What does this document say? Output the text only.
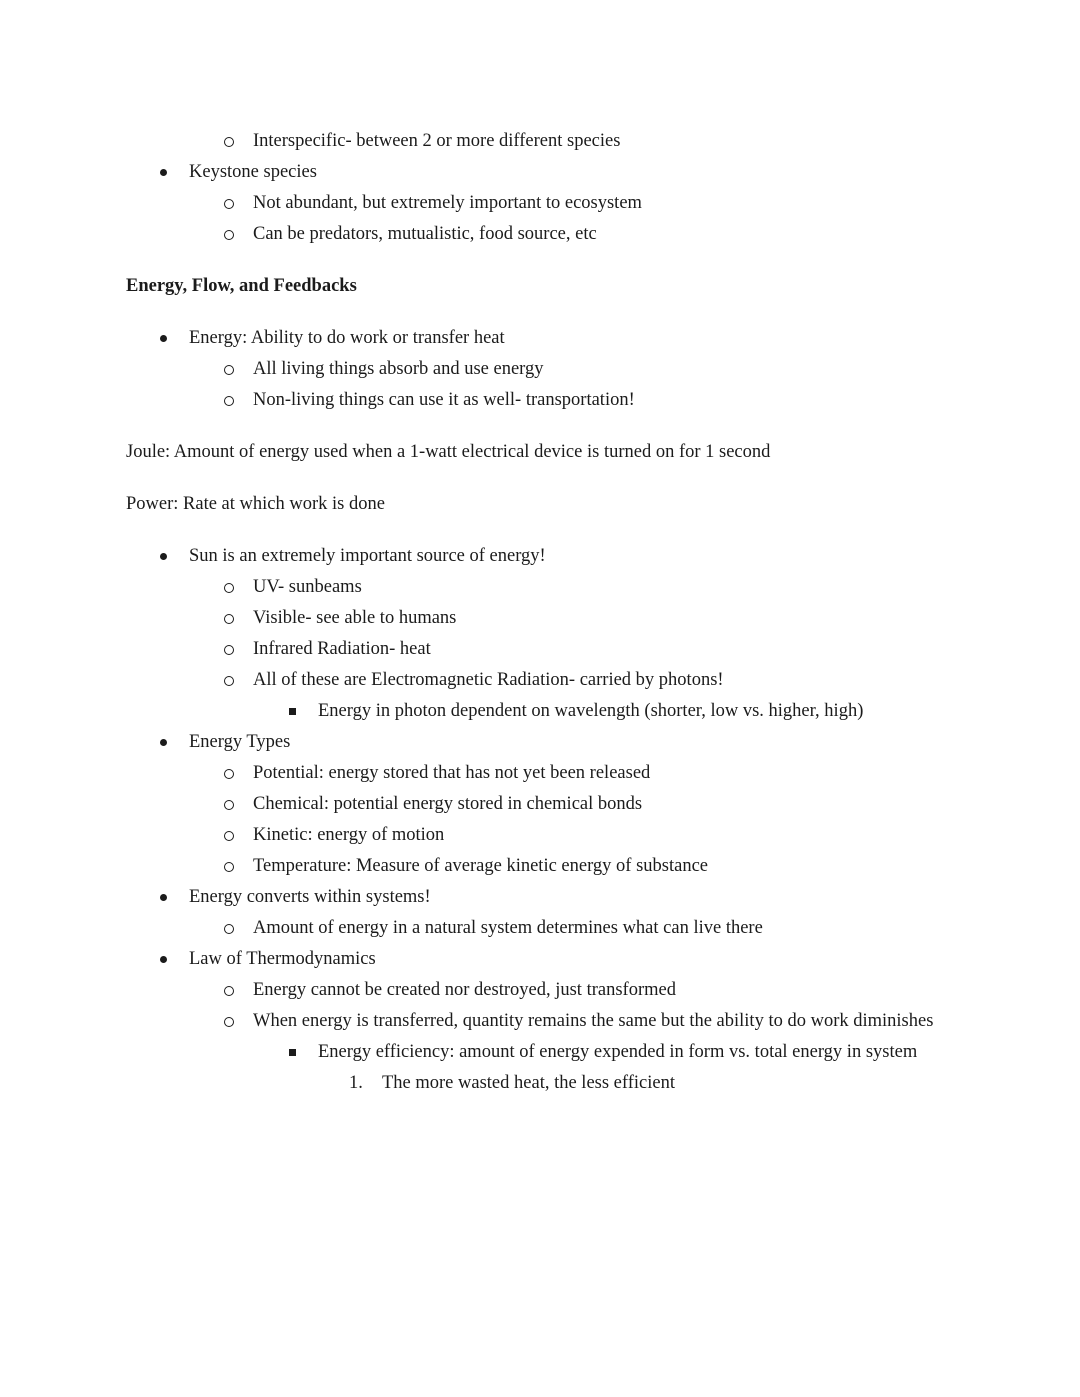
Interspecific- between 2 or more different species
Keystone species
Not abundant, but extremely important to ecosystem
Can be predators, mutualistic, food source, etc
Energy, Flow, and Feedbacks
Energy: Ability to do work or transfer heat
All living things absorb and use energy
Non-living things can use it as well- transportation!

Joule: Amount of energy used when a 1-watt electrical device is turned on for 1 second

Power: Rate at which work is done

Sun is an extremely important source of energy!
UV- sunbeams
Visible- see able to humans
Infrared Radiation- heat
All of these are Electromagnetic Radiation- carried by photons!
Energy in photon dependent on wavelength (shorter, low vs. higher, high)
Energy Types
Potential: energy stored that has not yet been released
Chemical: potential energy stored in chemical bonds
Kinetic: energy of motion
Temperature: Measure of average kinetic energy of substance
Energy converts within systems!
Amount of energy in a natural system determines what can live there
Law of Thermodynamics
Energy cannot be created nor destroyed, just transformed
When energy is transferred, quantity remains the same but the ability to do work diminishes
Energy efficiency: amount of energy expended in form vs. total energy in system
1.	The more wasted heat, the less efficient
